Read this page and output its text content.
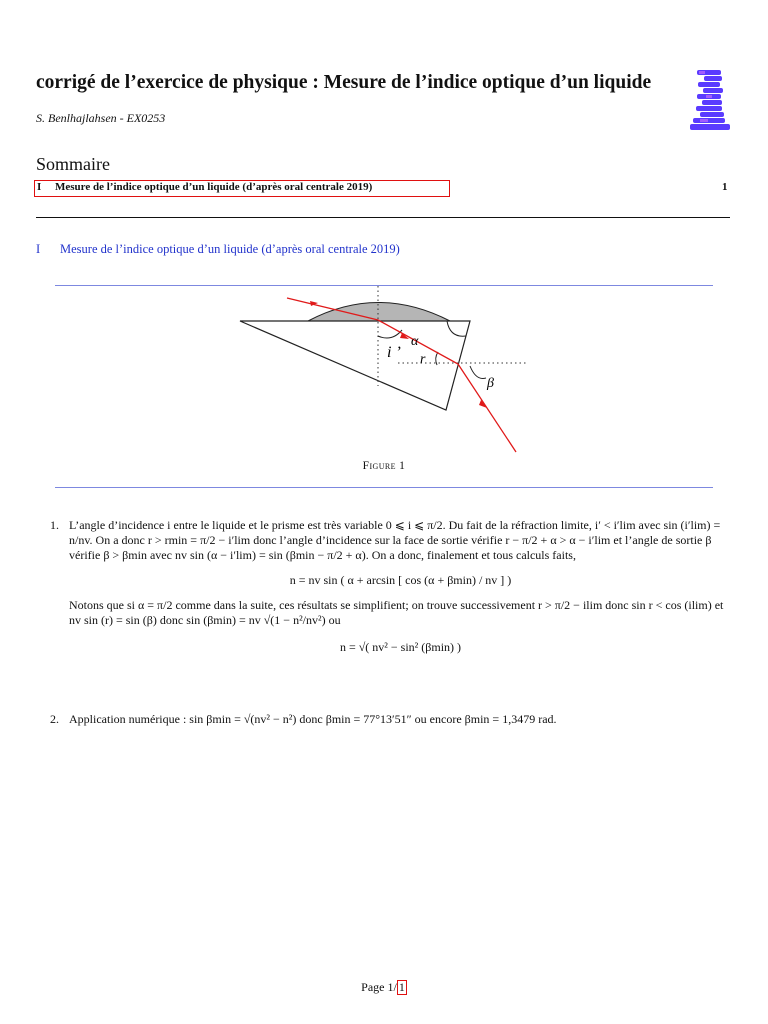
corrigé de l’exercice de physique : Mesure de l’indice optique d’un liquide
S. Benlhajlahsen - EX0253
Sommaire
I Mesure de l’indice optique d’un liquide (d’après oral centrale 2019)	1
I Mesure de l’indice optique d’un liquide (d’après oral centrale 2019)
α
i ’ r
β
Figure 1
1. L’angle d’incidence i entre le liquide et le prisme est très variable 0 ⩽ i ⩽ π/2. Du fait de la réfraction limite, i′ < i′lim avec sin (i′lim) = n/nv. On a donc r > rmin = π/2 − i′lim donc l’angle d’incidence sur la face de sortie vérifie r − π/2 + α > α − i′lim et l’angle de sortie β vérifie β > βmin avec nv sin (α − i′lim) = sin (βmin − π/2 + α). On a donc, finalement et tous calculs faits,

n = nv sin ( α + arcsin [ cos (α + βmin) / nv ] )

Notons que si α = π/2 comme dans la suite, ces résultats se simplifient; on trouve successivement r > π/2 − ilim donc sin r < cos (ilim) et nv sin (r) = sin (β) donc sin (βmin) = nv √(1 − n²/nv²) ou

n = √( nv² − sin² (βmin) )
2. Application numérique : sin βmin = √(nv² − n²) donc βmin = 77°13′51″ ou encore βmin = 1,3479 rad.

Page 1/ 1
